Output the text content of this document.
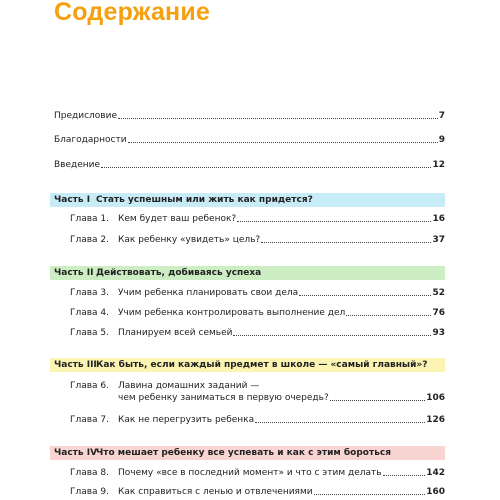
Содержание
Предисловие	7
Благодарности	9
Введение	12
Часть I Стать успешным или жить как придется?
Глава 1. Кем будет ваш ребенок?	16
Глава 2. Как ребенку «увидеть» цель?	37
Часть II Действовать, добиваясь успеха
Глава 3. Учим ребенка планировать свои дела	52
Глава 4. Учим ребенка контролировать выполнение дел	76
Глава 5. Планируем всей семьей	93
Часть IIIКак быть, если каждый предмет в школе — «самый главный»?
Глава 6. Лавина домашних заданий —
чем ребенку заниматься в первую очередь?	106
Глава 7. Как не перегрузить ребенка	126
Часть IVЧто мешает ребенку все успевать и как с этим бороться
Глава 8. Почему «все в последний момент» и что с этим делать	142
Глава 9. Как справиться с ленью и отвлечениями	160
